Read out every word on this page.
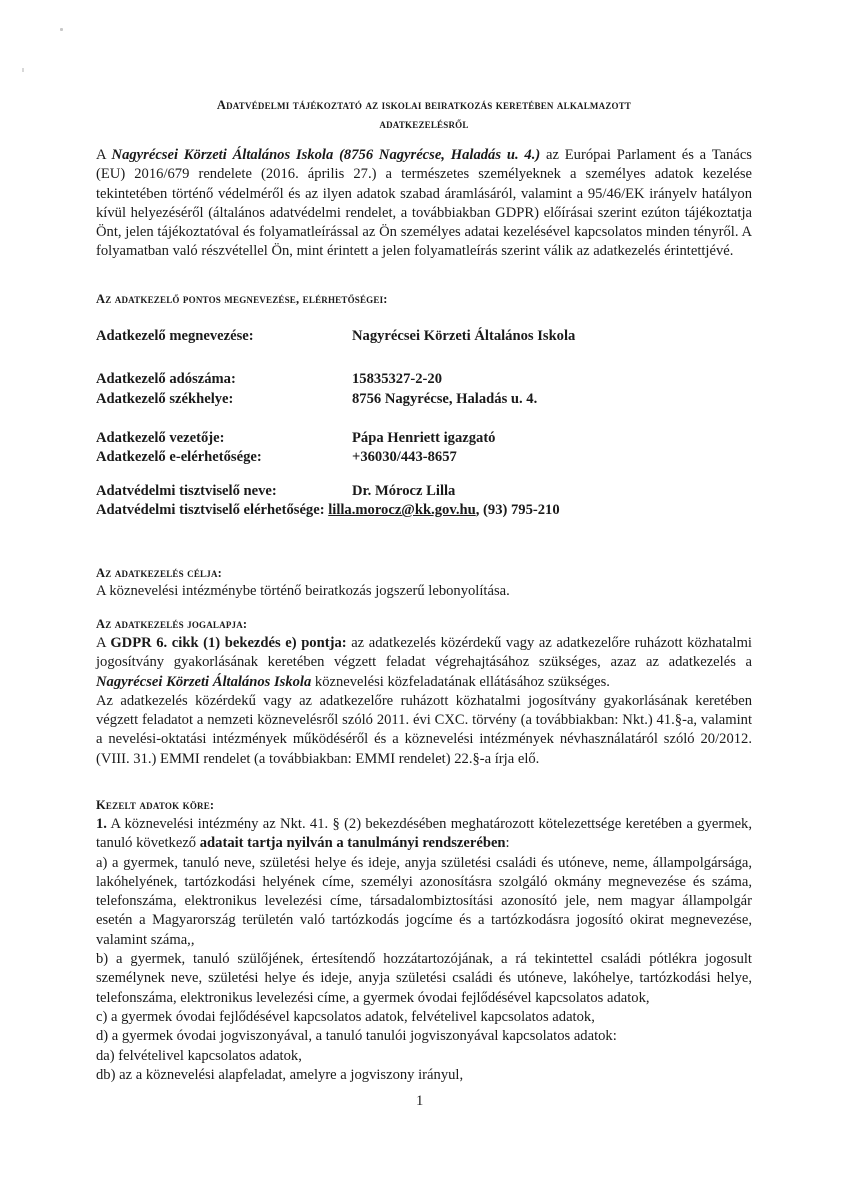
Adatvédelmi tájékoztató az iskolai beiratkozás keretében alkalmazott
adatkezelésről

A Nagyrécsei Körzeti Általános Iskola (8756 Nagyrécse, Haladás u. 4.) az Európai Parlament és a Tanács (EU) 2016/679 rendelete (2016. április 27.) a természetes személyeknek a személyes adatok kezelése tekintetében történő védelméről és az ilyen adatok szabad áramlásáról, valamint a 95/46/EK irányelv hatályon kívül helyezéséről (általános adatvédelmi rendelet, a továbbiakban GDPR) előírásai szerint ezúton tájékoztatja Önt, jelen tájékoztatóval és folyamatleírással az Ön személyes adatai kezelésével kapcsolatos minden tényről. A folyamatban való részvétellel Ön, mint érintett a jelen folyamatleírás szerint válik az adatkezelés érintettjévé.

Az adatkezelő pontos megnevezése, elérhetőségei:
Adatkezelő megnevezése:	Nagyrécsei Körzeti Általános Iskola
Adatkezelő adószáma:	15835327-2-20
Adatkezelő székhelye:	8756 Nagyrécse, Haladás u. 4.
Adatkezelő vezetője:	Pápa Henriett igazgató
Adatkezelő e-elérhetősége:	+36030/443-8657
Adatvédelmi tisztviselő neve:	Dr. Mórocz Lilla
Adatvédelmi tisztviselő elérhetősége: lilla.morocz@kk.gov.hu, (93) 795-210
Az adatkezelés célja:
A köznevelési intézménybe történő beiratkozás jogszerű lebonyolítása.
Az adatkezelés jogalapja:

A GDPR 6. cikk (1) bekezdés e) pontja: az adatkezelés közérdekű vagy az adatkezelőre ruházott közhatalmi jogosítvány gyakorlásának keretében végzett feladat végrehajtásához szükséges, azaz az adatkezelés a Nagyrécsei Körzeti Általános Iskola köznevelési közfeladatának ellátásához szükséges.

Az adatkezelés közérdekű vagy az adatkezelőre ruházott közhatalmi jogosítvány gyakorlásának keretében végzett feladatot a nemzeti köznevelésről szóló 2011. évi CXC. törvény (a továbbiakban: Nkt.) 41.§-a, valamint a nevelési-oktatási intézmények működéséről és a köznevelési intézmények névhasználatáról szóló 20/2012. (VIII. 31.) EMMI rendelet (a továbbiakban: EMMI rendelet) 22.§-a írja elő.

Kezelt adatok köre:

1. A köznevelési intézmény az Nkt. 41. § (2) bekezdésében meghatározott kötelezettsége keretében a gyermek, tanuló következő adatait tartja nyilván a tanulmányi rendszerében:

a) a gyermek, tanuló neve, születési helye és ideje, anyja születési családi és utóneve, neme, állampolgársága, lakóhelyének, tartózkodási helyének címe, személyi azonosításra szolgáló okmány megnevezése és száma, telefonszáma, elektronikus levelezési címe, társadalombiztosítási azonosító jele, nem magyar állampolgár esetén a Magyarország területén való tartózkodás jogcíme és a tartózkodásra jogosító okirat megnevezése, valamint száma,,

b) a gyermek, tanuló szülőjének, értesítendő hozzátartozójának, a rá tekintettel családi pótlékra jogosult személynek neve, születési helye és ideje, anyja születési családi és utóneve, lakóhelye, tartózkodási helye, telefonszáma, elektronikus levelezési címe, a gyermek óvodai fejlődésével kapcsolatos adatok,

c) a gyermek óvodai fejlődésével kapcsolatos adatok, felvételivel kapcsolatos adatok,

d) a gyermek óvodai jogviszonyával, a tanuló tanulói jogviszonyával kapcsolatos adatok:

da) felvételivel kapcsolatos adatok,

db) az a köznevelési alapfeladat, amelyre a jogviszony irányul,

1
